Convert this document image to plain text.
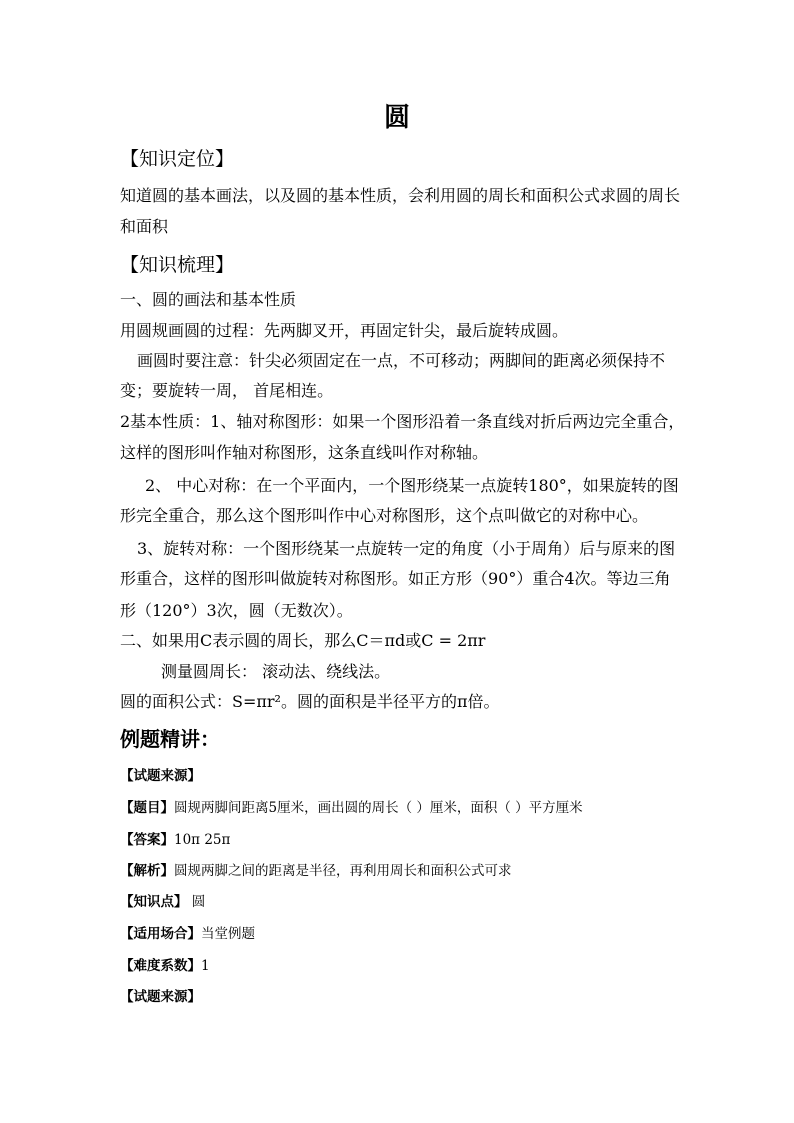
圆
【知识定位】
知道圆的基本画法，以及圆的基本性质，会利用圆的周长和面积公式求圆的周长
和面积
【知识梳理】
一、圆的画法和基本性质
用圆规画圆的过程：先两脚叉开，再固定针尖，最后旋转成圆。
画圆时要注意：针尖必须固定在一点，不可移动；两脚间的距离必须保持不
变；要旋转一周， 首尾相连。
2基本性质：1、轴对称图形：如果一个图形沿着一条直线对折后两边完全重合，
这样的图形叫作轴对称图形，这条直线叫作对称轴。
2、 中心对称：在一个平面内，一个图形绕某一点旋转180°，如果旋转的图
形完全重合，那么这个图形叫作中心对称图形，这个点叫做它的对称中心。
3、旋转对称：一个图形绕某一点旋转一定的角度（小于周角）后与原来的图
形重合，这样的图形叫做旋转对称图形。如正方形（90°）重合4次。等边三角
形（120°）3次，圆（无数次）。
二、如果用C表示圆的周长，那么C＝πd或C = 2πr
测量圆周长： 滚动法、绕线法。
圆的面积公式：S=πr²。圆的面积是半径平方的π倍。
例题精讲：
【试题来源】
【题目】圆规两脚间距离5厘米，画出圆的周长（ ）厘米，面积（ ）平方厘米
【答案】10π 25π
【解析】圆规两脚之间的距离是半径，再利用周长和面积公式可求
【知识点】 圆
【适用场合】当堂例题
【难度系数】1
【试题来源】
